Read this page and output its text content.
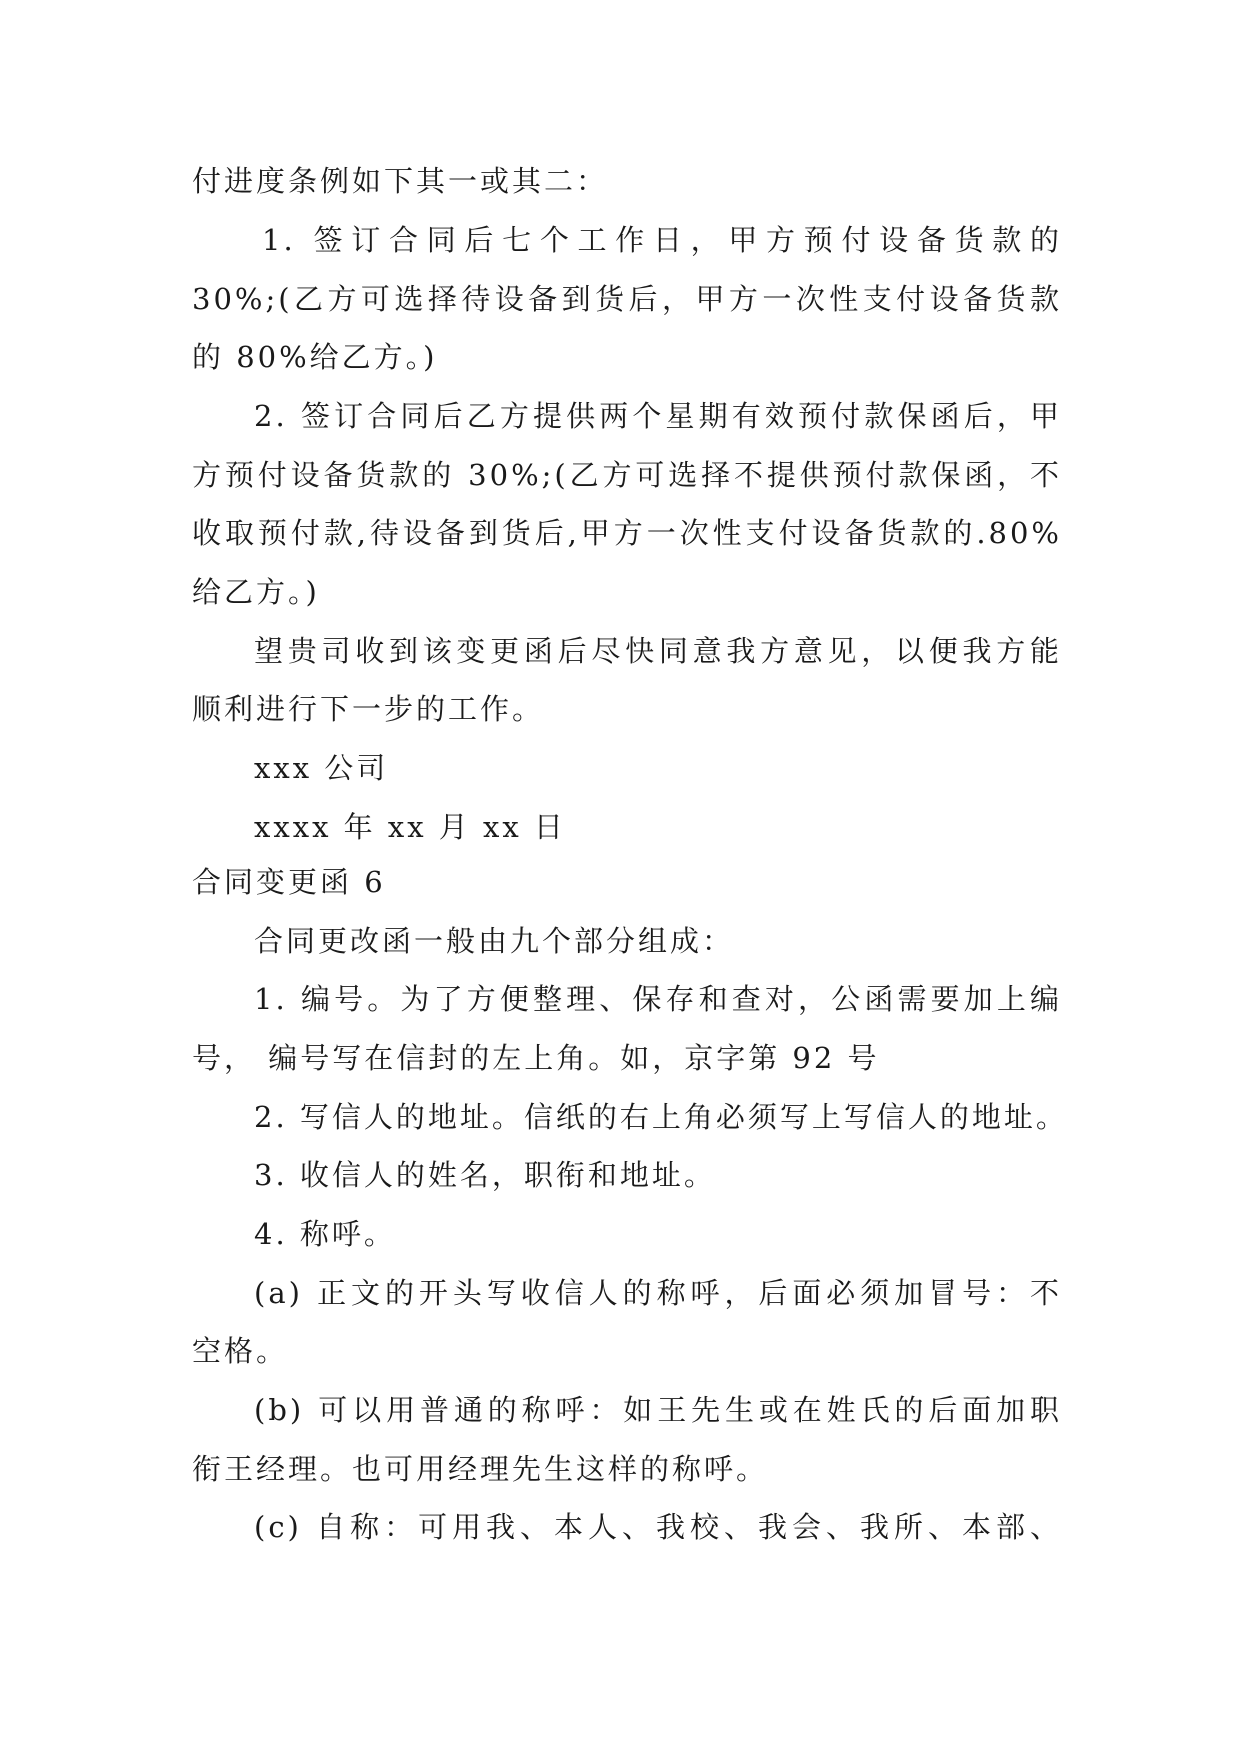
付进度条例如下其一或其二：
1. 签订合同后七个工作日，甲方预付设备货款的
30%;(乙方可选择待设备到货后，甲方一次性支付设备货款
的 80%给乙方。)
2. 签订合同后乙方提供两个星期有效预付款保函后，甲
方预付设备货款的 30%;(乙方可选择不提供预付款保函，不
收取预付款,待设备到货后,甲方一次性支付设备货款的.80%
给乙方。)
望贵司收到该变更函后尽快同意我方意见，以便我方能
顺利进行下一步的工作。
xxx 公司
xxxx 年 xx 月 xx 日
合同变更函 6
合同更改函一般由九个部分组成：
1. 编号。为了方便整理、保存和查对，公函需要加上编
号， 编号写在信封的左上角。如，京字第 92 号
2. 写信人的地址。信纸的右上角必须写上写信人的地址。
3. 收信人的姓名，职衔和地址。
4. 称呼。
(a) 正文的开头写收信人的称呼，后面必须加冒号：不
空格。
(b) 可以用普通的称呼：如王先生或在姓氏的后面加职
衔王经理。也可用经理先生这样的称呼。
(c) 自称：可用我、本人、我校、我会、我所、本部、
